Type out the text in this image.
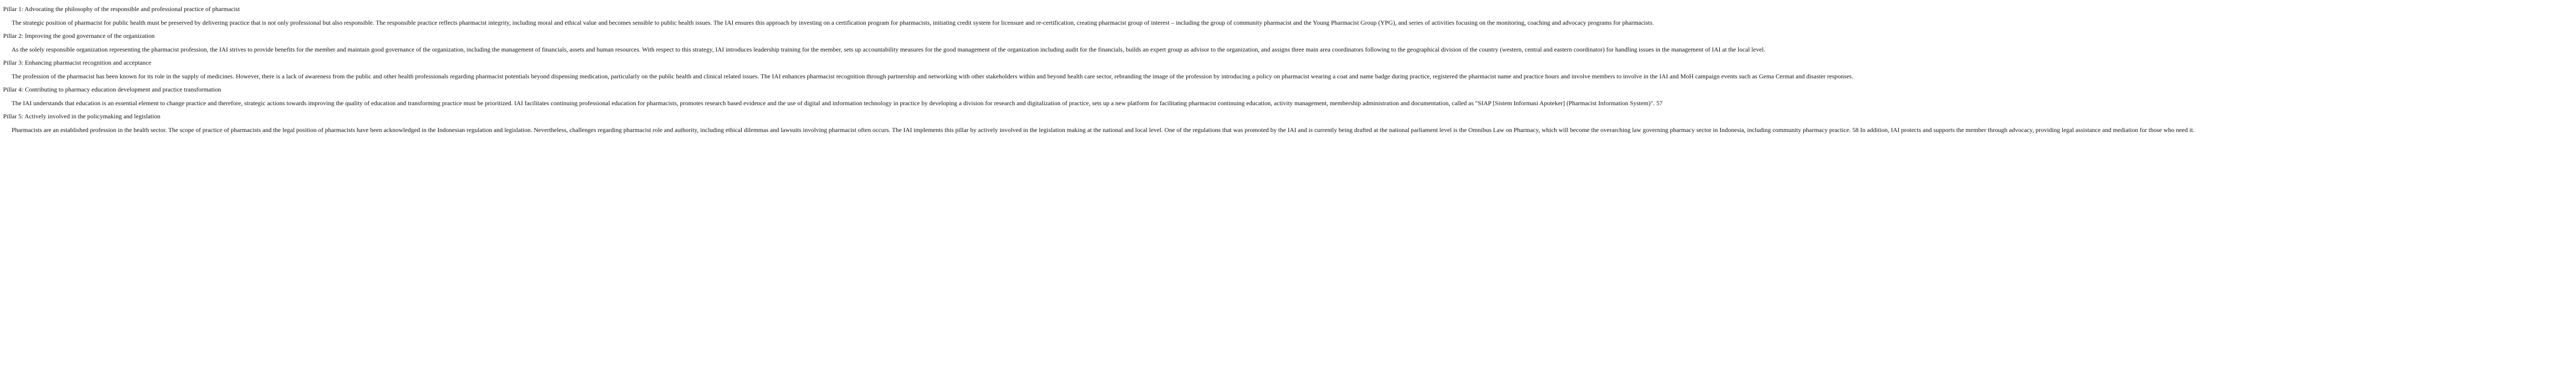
Pillar 1: Advocating the philosophy of the responsible and professional practice of pharmacist

The strategic position of pharmacist for public health must be preserved by delivering practice that is not only professional but also responsible. The responsible practice reflects pharmacist integrity, including moral and ethical value and becomes sensible to public health issues. The IAI ensures this approach by investing on a certification program for pharmacists, initiating credit system for licensure and re-certification, creating pharmacist group of interest – including the group of community pharmacist and the Young Pharmacist Group (YPG), and series of activities focusing on the monitoring, coaching and advocacy programs for pharmacists.

Pillar 2: Improving the good governance of the organization

As the solely responsible organization representing the pharmacist profession, the IAI strives to provide benefits for the member and maintain good governance of the organization, including the management of financials, assets and human resources. With respect to this strategy, IAI introduces leadership training for the member, sets up accountability measures for the good management of the organization including audit for the financials, builds an expert group as advisor to the organization, and assigns three main area coordinators following to the geographical division of the country (western, central and eastern coordinator) for handling issues in the management of IAI at the local level.

Pillar 3: Enhancing pharmacist recognition and acceptance

The profession of the pharmacist has been known for its role in the supply of medicines. However, there is a lack of awareness from the public and other health professionals regarding pharmacist potentials beyond dispensing medication, particularly on the public health and clinical related issues. The IAI enhances pharmacist recognition through partnership and networking with other stakeholders within and beyond health care sector, rebranding the image of the profession by introducing a policy on pharmacist wearing a coat and name badge during practice, registered the pharmacist name and practice hours and involve members to involve in the IAI and MoH campaign events such as Gema Cermat and disaster responses.

Pillar 4: Contributing to pharmacy education development and practice transformation

The IAI understands that education is an essential element to change practice and therefore, strategic actions towards improving the quality of education and transforming practice must be prioritized. IAI facilitates continuing professional education for pharmacists, promotes research based evidence and the use of digital and information technology in practice by developing a division for research and digitalization of practice, sets up a new platform for facilitating pharmacist continuing education, activity management, membership administration and documentation, called as "SIAP [Sistem Informasi Apoteker] (Pharmacist Information System)". 57

Pillar 5: Actively involved in the policymaking and legislation

Pharmacists are an established profession in the health sector. The scope of practice of pharmacists and the legal position of pharmacists have been acknowledged in the Indonesian regulation and legislation. Nevertheless, challenges regarding pharmacist role and authority, including ethical dilemmas and lawsuits involving pharmacist often occurs. The IAI implements this pillar by actively involved in the legislation making at the national and local level. One of the regulations that was promoted by the IAI and is currently being drafted at the national parliament level is the Omnibus Law on Pharmacy, which will become the overarching law governing pharmacy sector in Indonesia, including community pharmacy practice. 58 In addition, IAI protects and supports the member through advocacy, providing legal assistance and mediation for those who need it.
